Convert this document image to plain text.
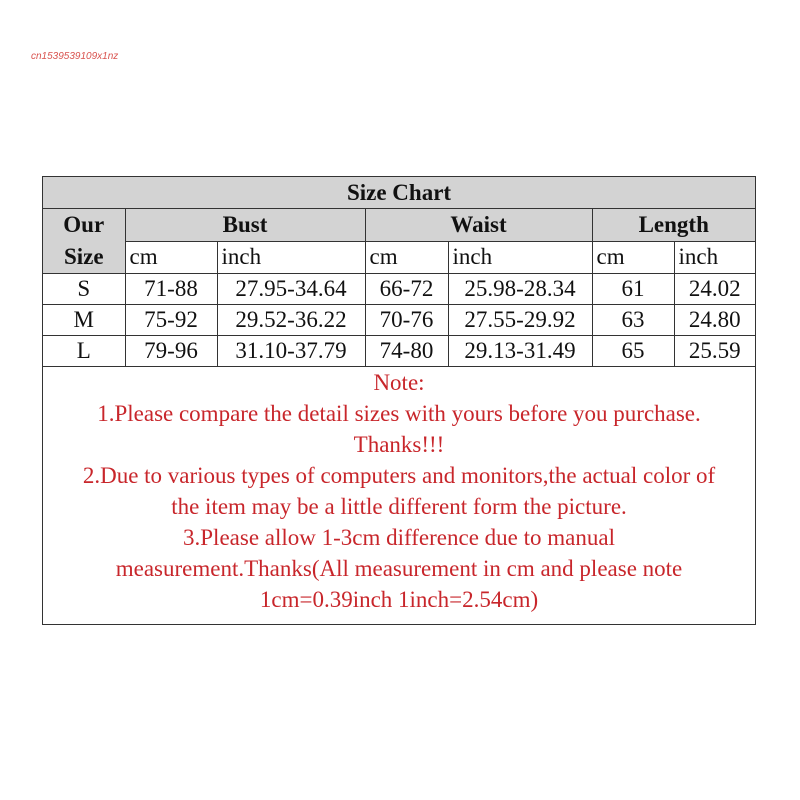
cn1539539109x1nz
Size Chart						
Our
Size	Bust		Waist		Length	
	cm	inch	cm	inch	cm	inch
S	71-88	27.95-34.64	66-72	25.98-28.34	61	24.02
M	75-92	29.52-36.22	70-76	27.55-29.92	63	24.80
L	79-96	31.10-37.79	74-80	29.13-31.49	65	25.59
Note:
1.Please compare the detail sizes with yours before you purchase.
Thanks!!!
2.Due to various types of computers and monitors,the actual color of
the item may be a little different form the picture.
3.Please allow 1-3cm difference due to manual
measurement.Thanks(All measurement in cm and please note
1cm=0.39inch 1inch=2.54cm)
